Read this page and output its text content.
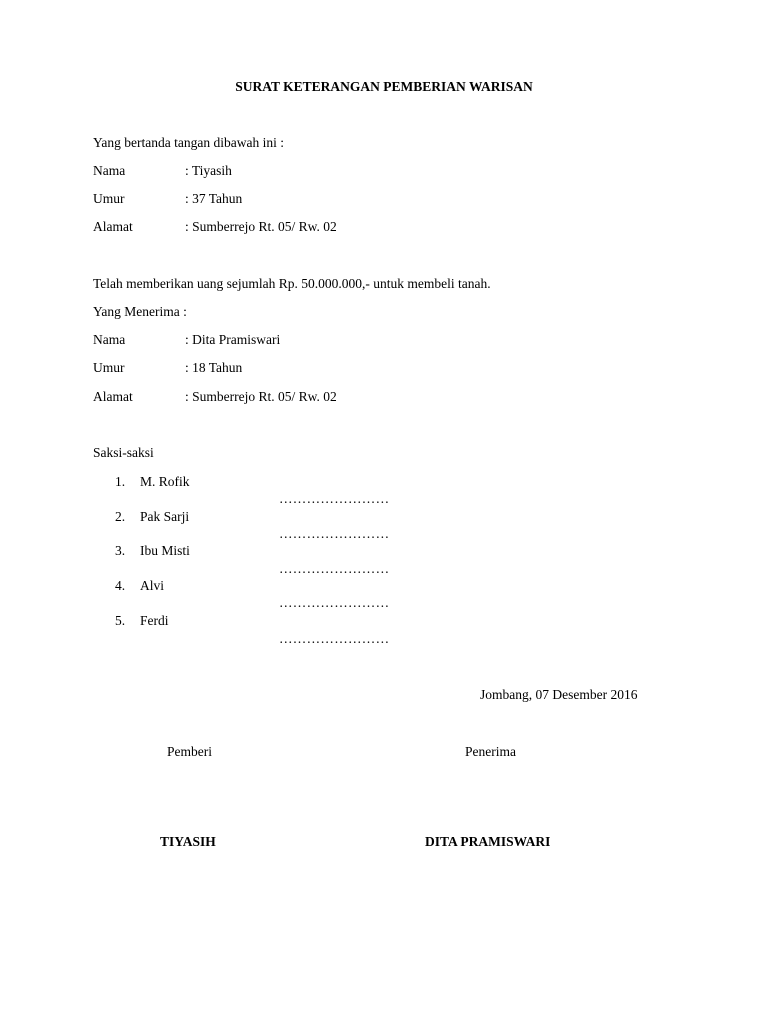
SURAT KETERANGAN PEMBERIAN WARISAN
Yang bertanda tangan dibawah ini :
Nama	: Tiyasih
Umur	: 37 Tahun
Alamat	: Sumberrejo Rt. 05/ Rw. 02
Telah memberikan uang sejumlah Rp. 50.000.000,- untuk membeli tanah.
Yang Menerima :
Nama	: Dita Pramiswari
Umur	: 18 Tahun
Alamat	: Sumberrejo Rt. 05/ Rw. 02
Saksi-saksi
1. M. Rofik
……………………
2. Pak Sarji
……………………
3. Ibu Misti
……………………
4. Alvi
……………………
5. Ferdi
……………………
Jombang, 07 Desember 2016
Pemberi	Penerima
TIYASIH	DITA PRAMISWARI
